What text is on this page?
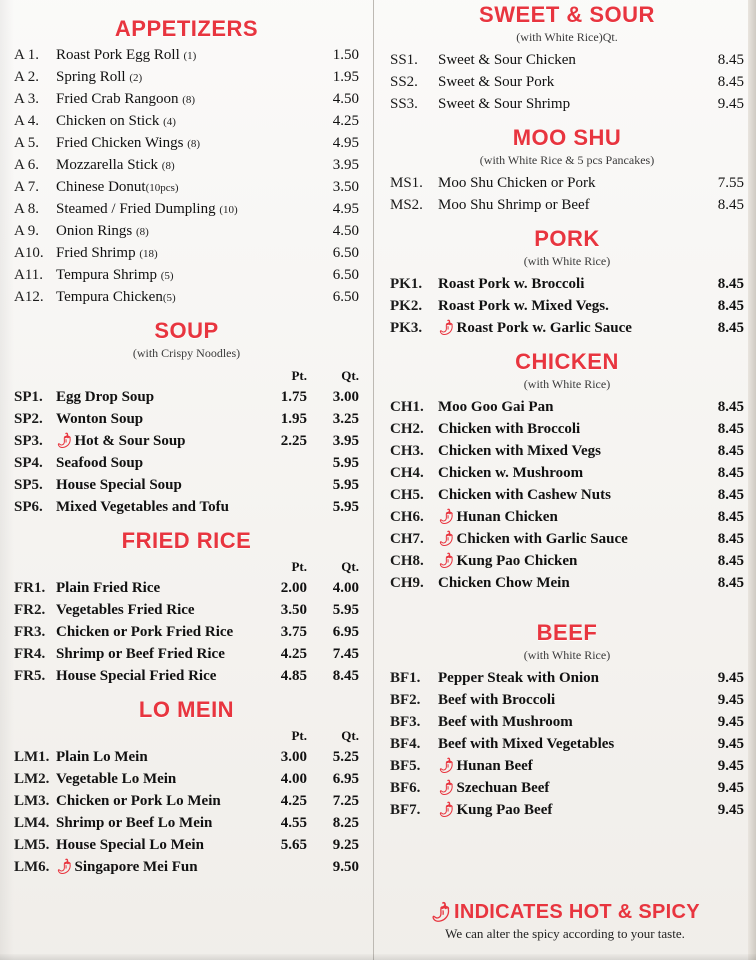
APPETIZERS
A 1.	Roast Pork Egg Roll (1)	1.50
A 2.	Spring Roll (2)	1.95
A 3.	Fried Crab Rangoon (8)	4.50
A 4.	Chicken on Stick (4)	4.25
A 5.	Fried Chicken Wings (8)	4.95
A 6.	Mozzarella Stick (8)	3.95
A 7.	Chinese Donut(10pcs)	3.50
A 8.	Steamed / Fried Dumpling (10)	4.95
A 9.	Onion Rings (8)	4.50
A10.	Fried Shrimp (18)	6.50
A11.	Tempura Shrimp (5)	6.50
A12.	Tempura Chicken(5)	6.50
SOUP
(with Crispy Noodles)
		Pt.	Qt.
SP1.	Egg Drop Soup	1.75	3.00
SP2.	Wonton Soup	1.95	3.25
SP3.	🌶Hot & Sour Soup	2.25	3.95
SP4.	Seafood Soup		5.95
SP5.	House Special Soup		5.95
SP6.	Mixed Vegetables and Tofu		5.95
FRIED RICE
		Pt.	Qt.
FR1.	Plain Fried Rice	2.00	4.00
FR2.	Vegetables Fried Rice	3.50	5.95
FR3.	Chicken or Pork Fried Rice	3.75	6.95
FR4.	Shrimp or Beef Fried Rice	4.25	7.45
FR5.	House Special Fried Rice	4.85	8.45
LO MEIN
		Pt.	Qt.
LM1.	Plain Lo Mein	3.00	5.25
LM2.	Vegetable Lo Mein	4.00	6.95
LM3.	Chicken or Pork Lo Mein	4.25	7.25
LM4.	Shrimp or Beef Lo Mein	4.55	8.25
LM5.	House Special Lo Mein	5.65	9.25
LM6.	🌶Singapore Mei Fun		9.50
SWEET & SOUR
(with White Rice)Qt.
SS1.	Sweet & Sour Chicken	8.45
SS2.	Sweet & Sour Pork	8.45
SS3.	Sweet & Sour Shrimp	9.45
MOO SHU
(with White Rice & 5 pcs Pancakes)
MS1.	Moo Shu Chicken or Pork	7.55
MS2.	Moo Shu Shrimp or Beef	8.45
PORK
(with White Rice)
PK1.	Roast Pork w. Broccoli	8.45
PK2.	Roast Pork w. Mixed Vegs.	8.45
PK3.	🌶Roast Pork w. Garlic Sauce	8.45
CHICKEN
(with White Rice)
CH1.	Moo Goo Gai Pan	8.45
CH2.	Chicken with Broccoli	8.45
CH3.	Chicken with Mixed Vegs	8.45
CH4.	Chicken w. Mushroom	8.45
CH5.	Chicken with Cashew Nuts	8.45
CH6.	🌶Hunan Chicken	8.45
CH7.	🌶Chicken with Garlic Sauce	8.45
CH8.	🌶Kung Pao Chicken	8.45
CH9.	Chicken Chow Mein	8.45
BEEF
(with White Rice)
BF1.	Pepper Steak with Onion	9.45
BF2.	Beef with Broccoli	9.45
BF3.	Beef with Mushroom	9.45
BF4.	Beef with Mixed Vegetables	9.45
BF5.	🌶Hunan Beef	9.45
BF6.	🌶Szechuan Beef	9.45
BF7.	🌶Kung Pao Beef	9.45
🌶INDICATES HOT & SPICY
We can alter the spicy according to your taste.
